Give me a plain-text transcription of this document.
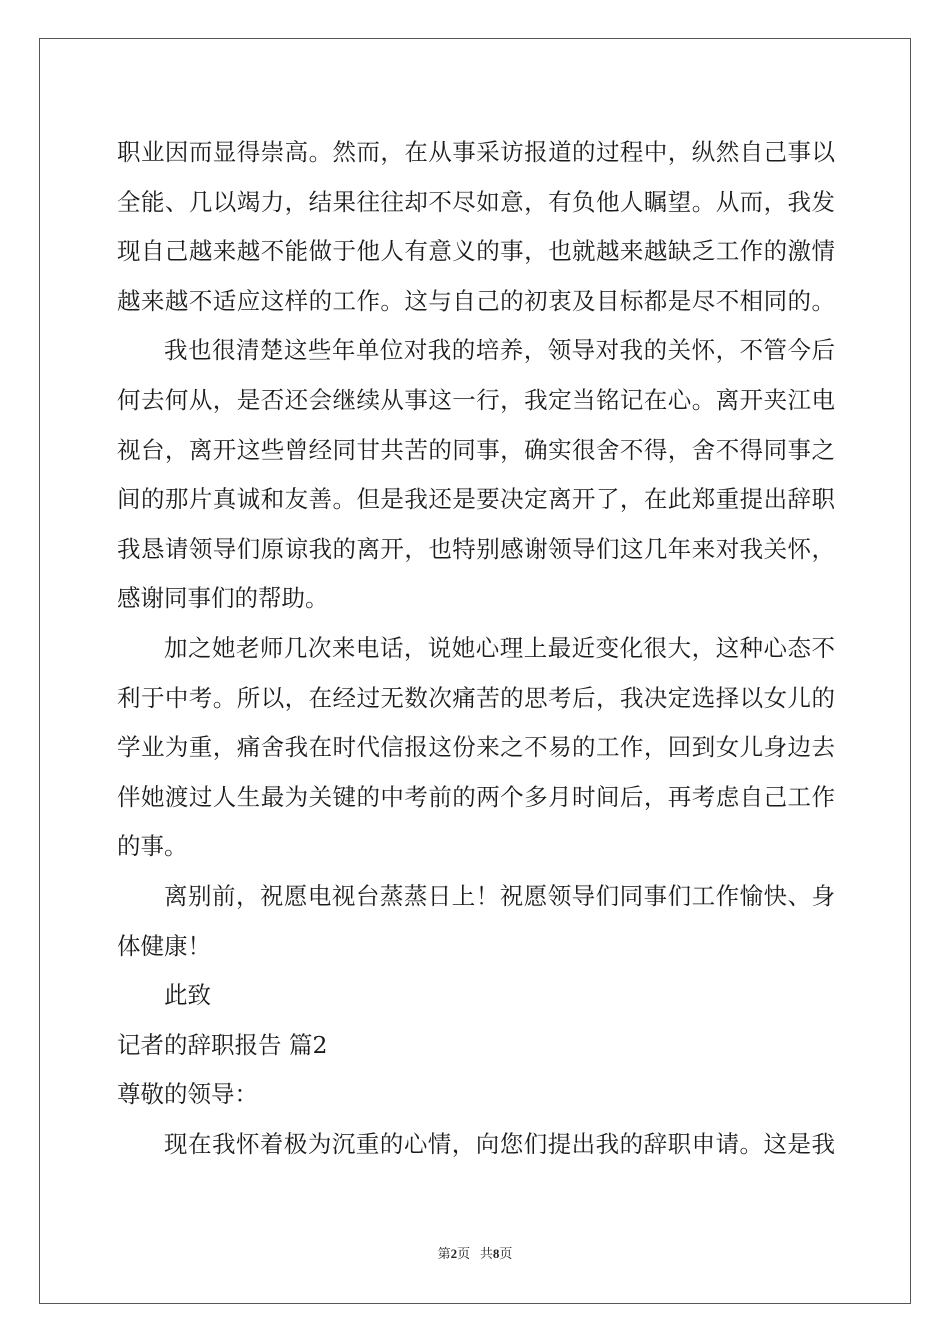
职业因而显得崇高。然而，在从事采访报道的过程中，纵然自己事以
全能、几以竭力，结果往往却不尽如意，有负他人瞩望。从而，我发
现自己越来越不能做于他人有意义的事，也就越来越缺乏工作的激情
越来越不适应这样的工作。这与自己的初衷及目标都是尽不相同的。
我也很清楚这些年单位对我的培养，领导对我的关怀，不管今后
何去何从，是否还会继续从事这一行，我定当铭记在心。离开夹江电
视台，离开这些曾经同甘共苦的同事，确实很舍不得，舍不得同事之
间的那片真诚和友善。但是我还是要决定离开了，在此郑重提出辞职
我恳请领导们原谅我的离开，也特别感谢领导们这几年来对我关怀，
感谢同事们的帮助。
加之她老师几次来电话，说她心理上最近变化很大，这种心态不
利于中考。所以，在经过无数次痛苦的思考后，我决定选择以女儿的
学业为重，痛舍我在时代信报这份来之不易的工作，回到女儿身边去
伴她渡过人生最为关键的中考前的两个多月时间后，再考虑自己工作
的事。
离别前，祝愿电视台蒸蒸日上！祝愿领导们同事们工作愉快、身
体健康！
此致
记者的辞职报告 篇2
尊敬的领导：
现在我怀着极为沉重的心情，向您们提出我的辞职申请。这是我
第2页 共8页
